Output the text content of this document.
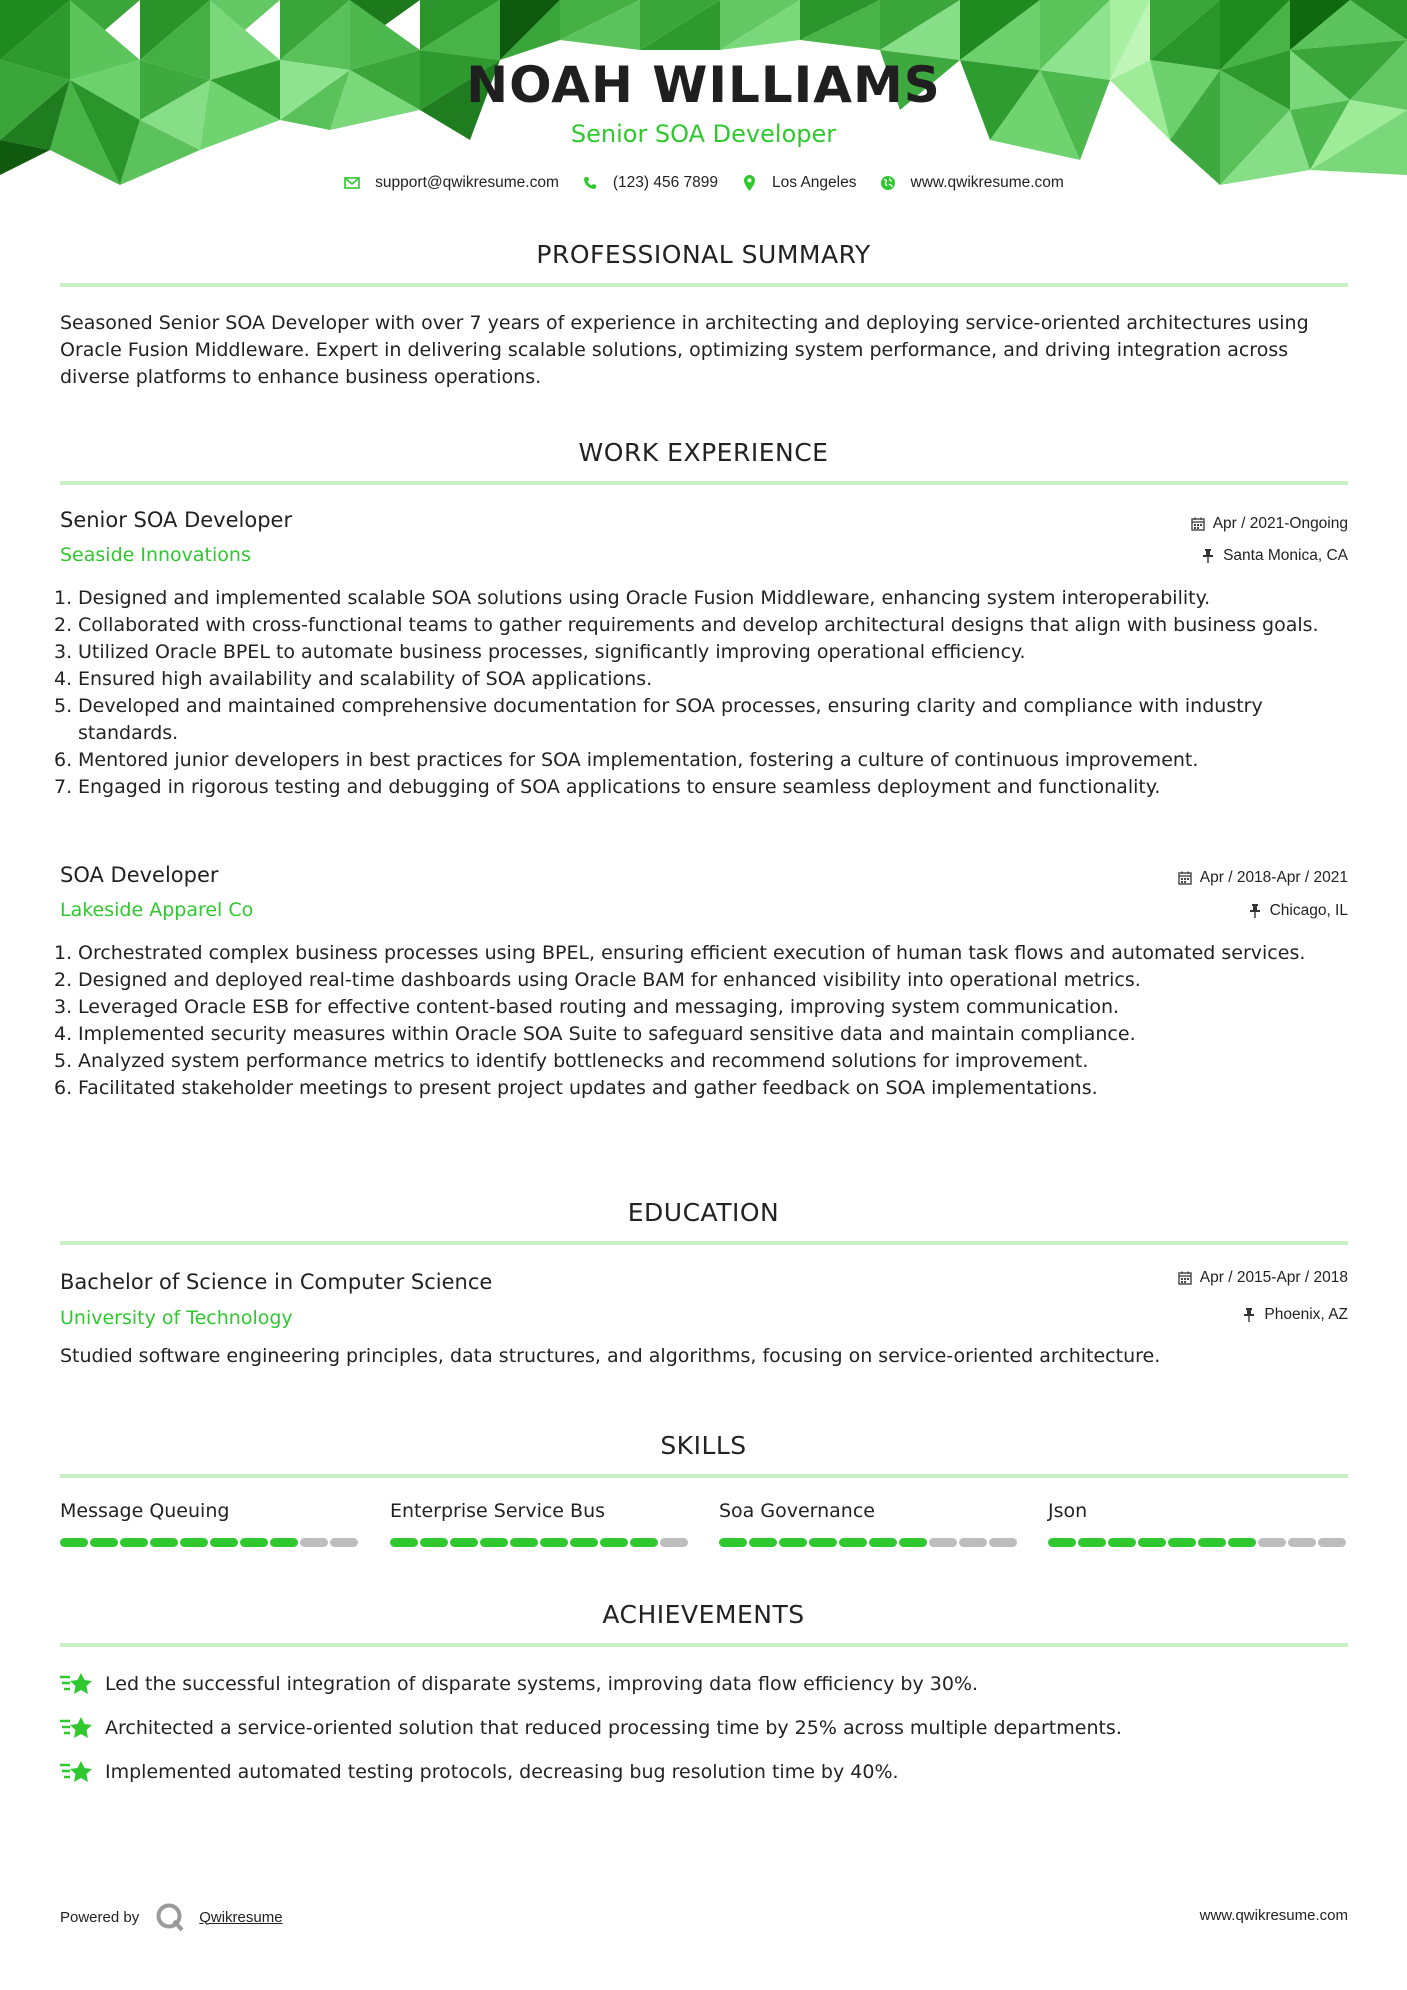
NOAH WILLIAMS
Senior SOA Developer
support@qwikresume.com	(123) 456 7899	Los Angeles	www.qwikresume.com
PROFESSIONAL SUMMARY
Seasoned Senior SOA Developer with over 7 years of experience in architecting and deploying service-oriented architectures using Oracle Fusion Middleware. Expert in delivering scalable solutions, optimizing system performance, and driving integration across diverse platforms to enhance business operations.
WORK EXPERIENCE
Senior SOA Developer
Seaside Innovations
Apr / 2021-Ongoing
Santa Monica, CA
1. Designed and implemented scalable SOA solutions using Oracle Fusion Middleware, enhancing system interoperability.
2. Collaborated with cross-functional teams to gather requirements and develop architectural designs that align with business goals.
3. Utilized Oracle BPEL to automate business processes, significantly improving operational efficiency.
4. Ensured high availability and scalability of SOA applications.
5. Developed and maintained comprehensive documentation for SOA processes, ensuring clarity and compliance with industry standards.
6. Mentored junior developers in best practices for SOA implementation, fostering a culture of continuous improvement.
7. Engaged in rigorous testing and debugging of SOA applications to ensure seamless deployment and functionality.
SOA Developer
Lakeside Apparel Co
Apr / 2018-Apr / 2021
Chicago, IL
1. Orchestrated complex business processes using BPEL, ensuring efficient execution of human task flows and automated services.
2. Designed and deployed real-time dashboards using Oracle BAM for enhanced visibility into operational metrics.
3. Leveraged Oracle ESB for effective content-based routing and messaging, improving system communication.
4. Implemented security measures within Oracle SOA Suite to safeguard sensitive data and maintain compliance.
5. Analyzed system performance metrics to identify bottlenecks and recommend solutions for improvement.
6. Facilitated stakeholder meetings to present project updates and gather feedback on SOA implementations.
EDUCATION
Bachelor of Science in Computer Science
University of Technology
Apr / 2015-Apr / 2018
Phoenix, AZ
Studied software engineering principles, data structures, and algorithms, focusing on service-oriented architecture.
SKILLS
Message Queuing	Enterprise Service Bus	Soa Governance	Json
ACHIEVEMENTS
Led the successful integration of disparate systems, improving data flow efficiency by 30%.
Architected a service-oriented solution that reduced processing time by 25% across multiple departments.
Implemented automated testing protocols, decreasing bug resolution time by 40%.
Powered by	Qwikresume	www.qwikresume.com
